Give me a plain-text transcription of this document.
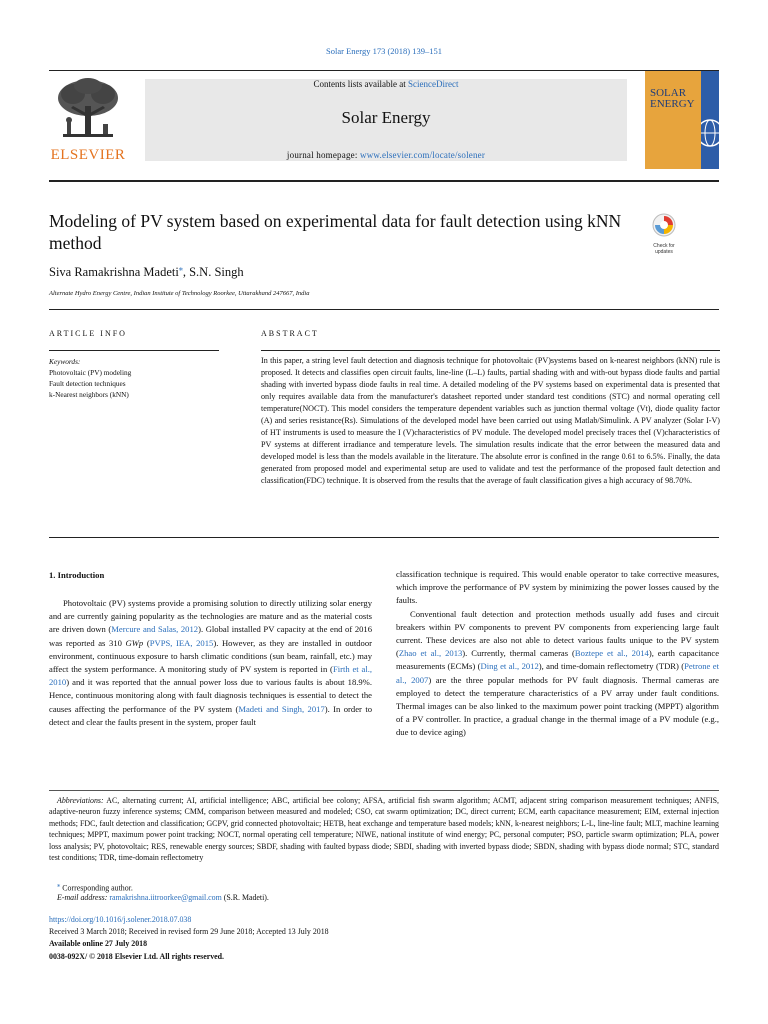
Solar Energy 173 (2018) 139–151
ELSEVIER
Contents lists available at ScienceDirect
Solar Energy
journal homepage: www.elsevier.com/locate/solener
SOLAR
ENERGY
Modeling of PV system based on experimental data for fault detection using kNN method	Check for
updates
Siva Ramakrishna Madeti⁎, S.N. Singh
Alternate Hydro Energy Centre, Indian Institute of Technology Roorkee, Uttarakhand 247667, India
ARTICLE INFO
Keywords:
Photovoltaic (PV) modeling
Fault detection techniques
k-Nearest neighbors (kNN)
ABSTRACT
In this paper, a string level fault detection and diagnosis technique for photovoltaic (PV)systems based on k-nearest neighbors (kNN) rule is proposed. It detects and classifies open circuit faults, line-line (L–L) faults, partial shading with and with-out bypass diode faults and partial shading with inverted bypass diode faults in real time. A detailed modeling of the PV systems based on experimental data is presented that only requires available data from the manufacturer's datasheet reported under standard test conditions (STC) and normal operating cell temperature(NOCT). This model considers the temperature dependent variables such as junction thermal voltage (Vt), diode quality factor (A) and series resistance(Rs). Simulations of the developed model have been carried out using Matlab/Simulink. A PV analyzer (Solar I-V) of HT instruments is used to measure the I (V)characteristics of PV module. The developed model precisely traces theI (V)characteristics of PV systems at different irradiance and temperature levels. The simulation results indicate that the error between the measured data and developed model is less than the models available in the literature. The absolute error is confined in the range 0.61 to 6.5%. Finally, the data generated from proposed model and experimental setup are used to validate and test the performance of the proposed fault detection and classification(FDC) technique. It is observed from the results that the average of fault classification gives a high accuracy of 98.70%.
1. Introduction
Photovoltaic (PV) systems provide a promising solution to directly utilizing solar energy and are currently gaining popularity as the technologies are mature and as the material costs are driven down (Mercure and Salas, 2012). Global installed PV capacity at the end of 2016 was reported as 310 GWp (PVPS, IEA, 2015). However, as they are installed in outdoor environment, continuous exposure to harsh climatic conditions (sun beam, rainfall, etc.) may affect the system performance. A monitoring study of PV system is reported in (Firth et al., 2010) and it was reported that the annual power loss due to various faults is about 18.9%. Hence, continuous monitoring along with fault diagnosis techniques is essential to detect the causes affecting the performance of the PV system (Madeti and Singh, 2017). In order to detect and clear the faults present in the system, proper fault
classification technique is required. This would enable operator to take corrective measures, which improve the performance of PV system by minimizing the power losses caused by the faults.
Conventional fault detection and protection methods usually add fuses and circuit breakers within PV components to prevent PV components from experiencing large fault current. These devices are also not able to detect various faults unique to the PV system (Zhao et al., 2013). Currently, thermal cameras (Boztepe et al., 2014), earth capacitance measurements (ECMs) (Ding et al., 2012), and time-domain reflectometry (TDR) (Petrone et al., 2007) are the three popular methods for PV fault diagnosis. Thermal cameras are employed to detect the temperature characteristics of a PV array under fault conditions. Thermal images can be also linked to the maximum power point tracking (MPPT) algorithm of a PV controller. In practice, a gradual change in the thermal image of a PV module (e.g., due to device aging)
Abbreviations: AC, alternating current; AI, artificial intelligence; ABC, artificial bee colony; AFSA, artificial fish swarm algorithm; ACMT, adjacent string comparison measurement techniques; ANFIS, adaptive-neuron fuzzy inference systems; CMM, comparison between measured and modeled; CSO, cat swarm optimization; DC, direct current; ECM, earth capacitance measurement; EIM, external injection methods; FDC, fault detection and classification; GCPV, grid connected photovoltaic; HETB, heat exchange and temperature based models; kNN, k-nearest neighbors; L-L, line-line fault; MLT, machine learning techniques; MPPT, maximum power point tracking; NOCT, normal operating cell temperature; NIWE, national institute of wind energy; PC, personal computer; PSO, particle swarm optimization; PLA, power loss analysis; PV, photovoltaic; RES, renewable energy sources; SBDF, shading with faulted bypass diode; SBDI, shading with inverted bypass diode; SBDN, shading with bypass diode normal; STC, standard test conditions; TDR, time-domain reflectometry
⁎ Corresponding author.
E-mail address: ramakrishna.iitroorkee@gmail.com (S.R. Madeti).
https://doi.org/10.1016/j.solener.2018.07.038
Received 3 March 2018; Received in revised form 29 June 2018; Accepted 13 July 2018
Available online 27 July 2018
0038-092X/ © 2018 Elsevier Ltd. All rights reserved.
